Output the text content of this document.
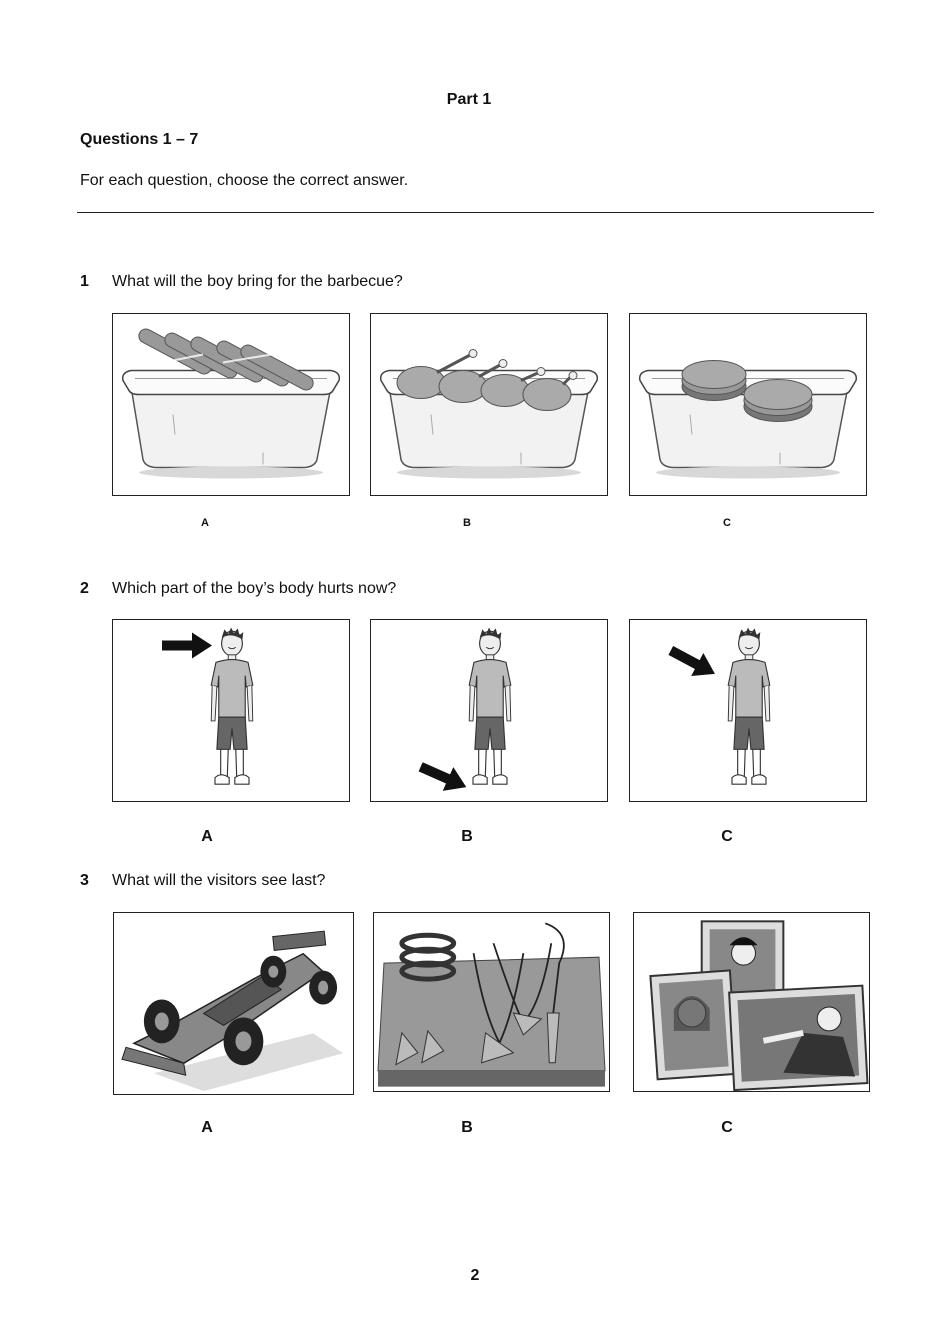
Part 1
Questions 1 – 7
For each question, choose the correct answer.
1 What will the boy bring for the barbecue?
A	B	C
2 Which part of the boy’s body hurts now?
A	B	C
3 What will the visitors see last?
A	B	C
2
